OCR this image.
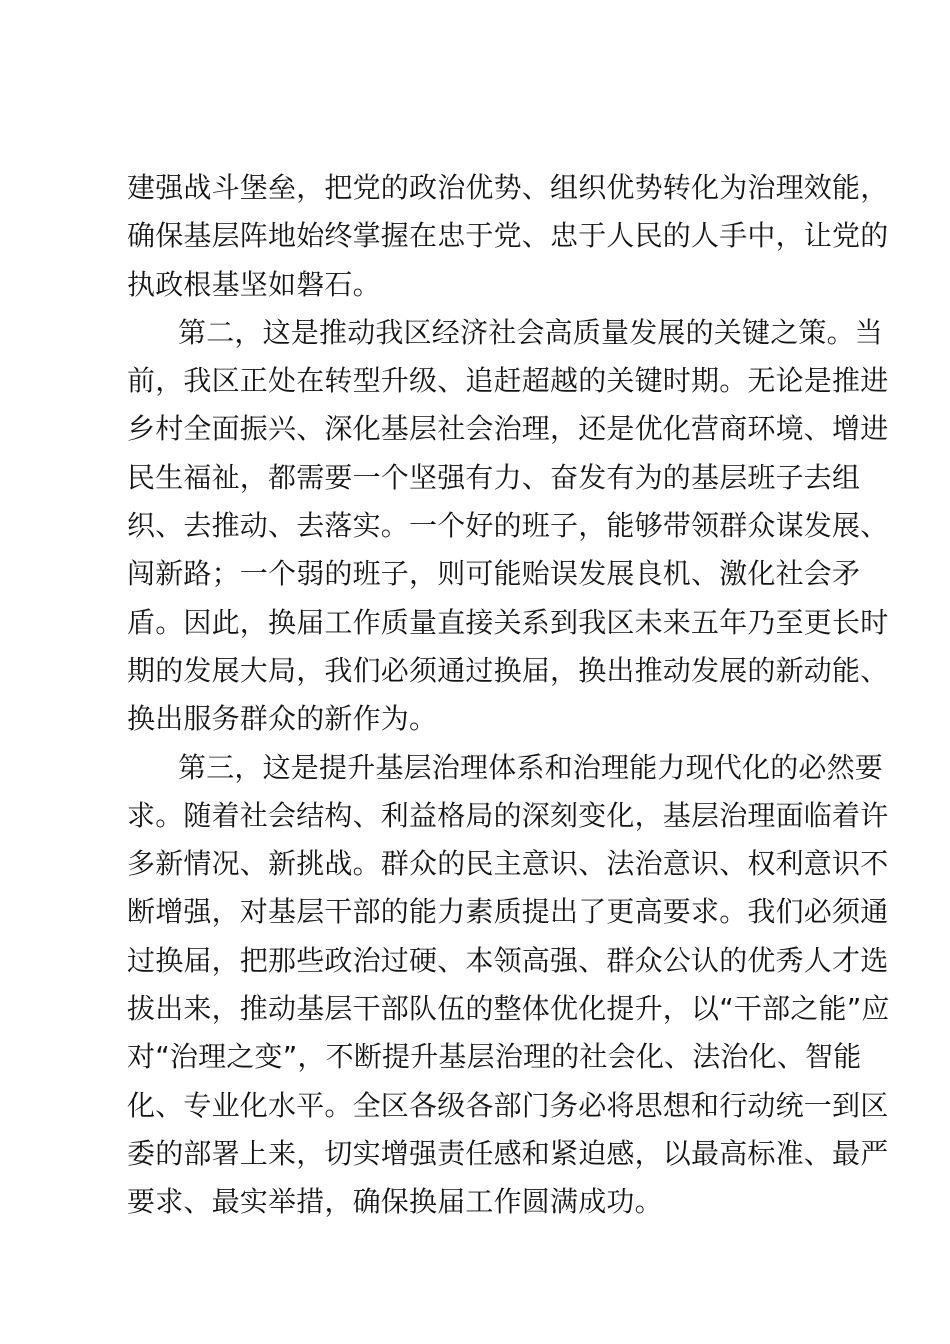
建强战斗堡垒，把党的政治优势、组织优势转化为治理效能，
确保基层阵地始终掌握在忠于党、忠于人民的人手中，让党的
执政根基坚如磐石。
第二，这是推动我区经济社会高质量发展的关键之策。当
前，我区正处在转型升级、追赶超越的关键时期。无论是推进
乡村全面振兴、深化基层社会治理，还是优化营商环境、增进
民生福祉，都需要一个坚强有力、奋发有为的基层班子去组
织、去推动、去落实。一个好的班子，能够带领群众谋发展、
闯新路；一个弱的班子，则可能贻误发展良机、激化社会矛
盾。因此，换届工作质量直接关系到我区未来五年乃至更长时
期的发展大局，我们必须通过换届，换出推动发展的新动能、
换出服务群众的新作为。
第三，这是提升基层治理体系和治理能力现代化的必然要
求。随着社会结构、利益格局的深刻变化，基层治理面临着许
多新情况、新挑战。群众的民主意识、法治意识、权利意识不
断增强，对基层干部的能力素质提出了更高要求。我们必须通
过换届，把那些政治过硬、本领高强、群众公认的优秀人才选
拔出来，推动基层干部队伍的整体优化提升，以“干部之能”应
对“治理之变”，不断提升基层治理的社会化、法治化、智能
化、专业化水平。全区各级各部门务必将思想和行动统一到区
委的部署上来，切实增强责任感和紧迫感，以最高标准、最严
要求、最实举措，确保换届工作圆满成功。
